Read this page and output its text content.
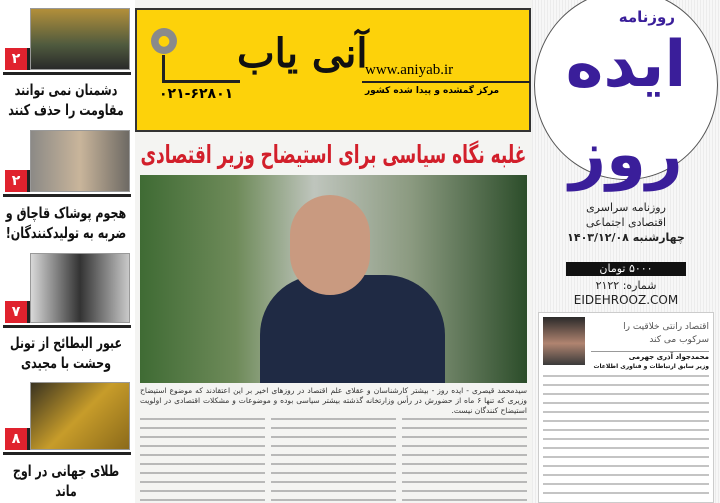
۲
دشمنان نمی توانند مقاومت را حذف کنند
۲
هجوم پوشاک قاچاق و ضربه به تولیدکنندگان!
۷
عبور البطائح از تونل وحشت با مجیدی
۸
طلای جهانی در اوج ماند
●
۰۲۱-۶۲۸۰۱
آنی یاب
www.aniyab.ir
مرکز گمشده و پیدا شده کشور
غلبه نگاه سیاسی برای استیضاح وزیر اقتصادی
سیدمحمد قیصری - ایده روز - بیشتر کارشناسان و عقلای علم اقتصاد در روزهای اخیر بر این اعتقادند که موضوع استیضاح وزیری که تنها ۶ ماه از حضورش در رأس وزارتخانه گذشته بیشتر سیاسی بوده و موضوعات و مشکلات اقتصادی در اولویت استیضاح کنندگان نیست.
روزنامه
ایده روز
روزنامه سراسری
اقتصادی اجتماعی
چهارشنبه ۱۴۰۳/۱۲/۰۸
۵۰۰۰ تومان
شماره: ۲۱۲۲
EIDEHROOZ.COM
اقتصاد رانتی خلاقیت را سرکوب می کند
محمدجواد آذری جهرمی
وزیر سابق ارتباطات و فناوری اطلاعات
